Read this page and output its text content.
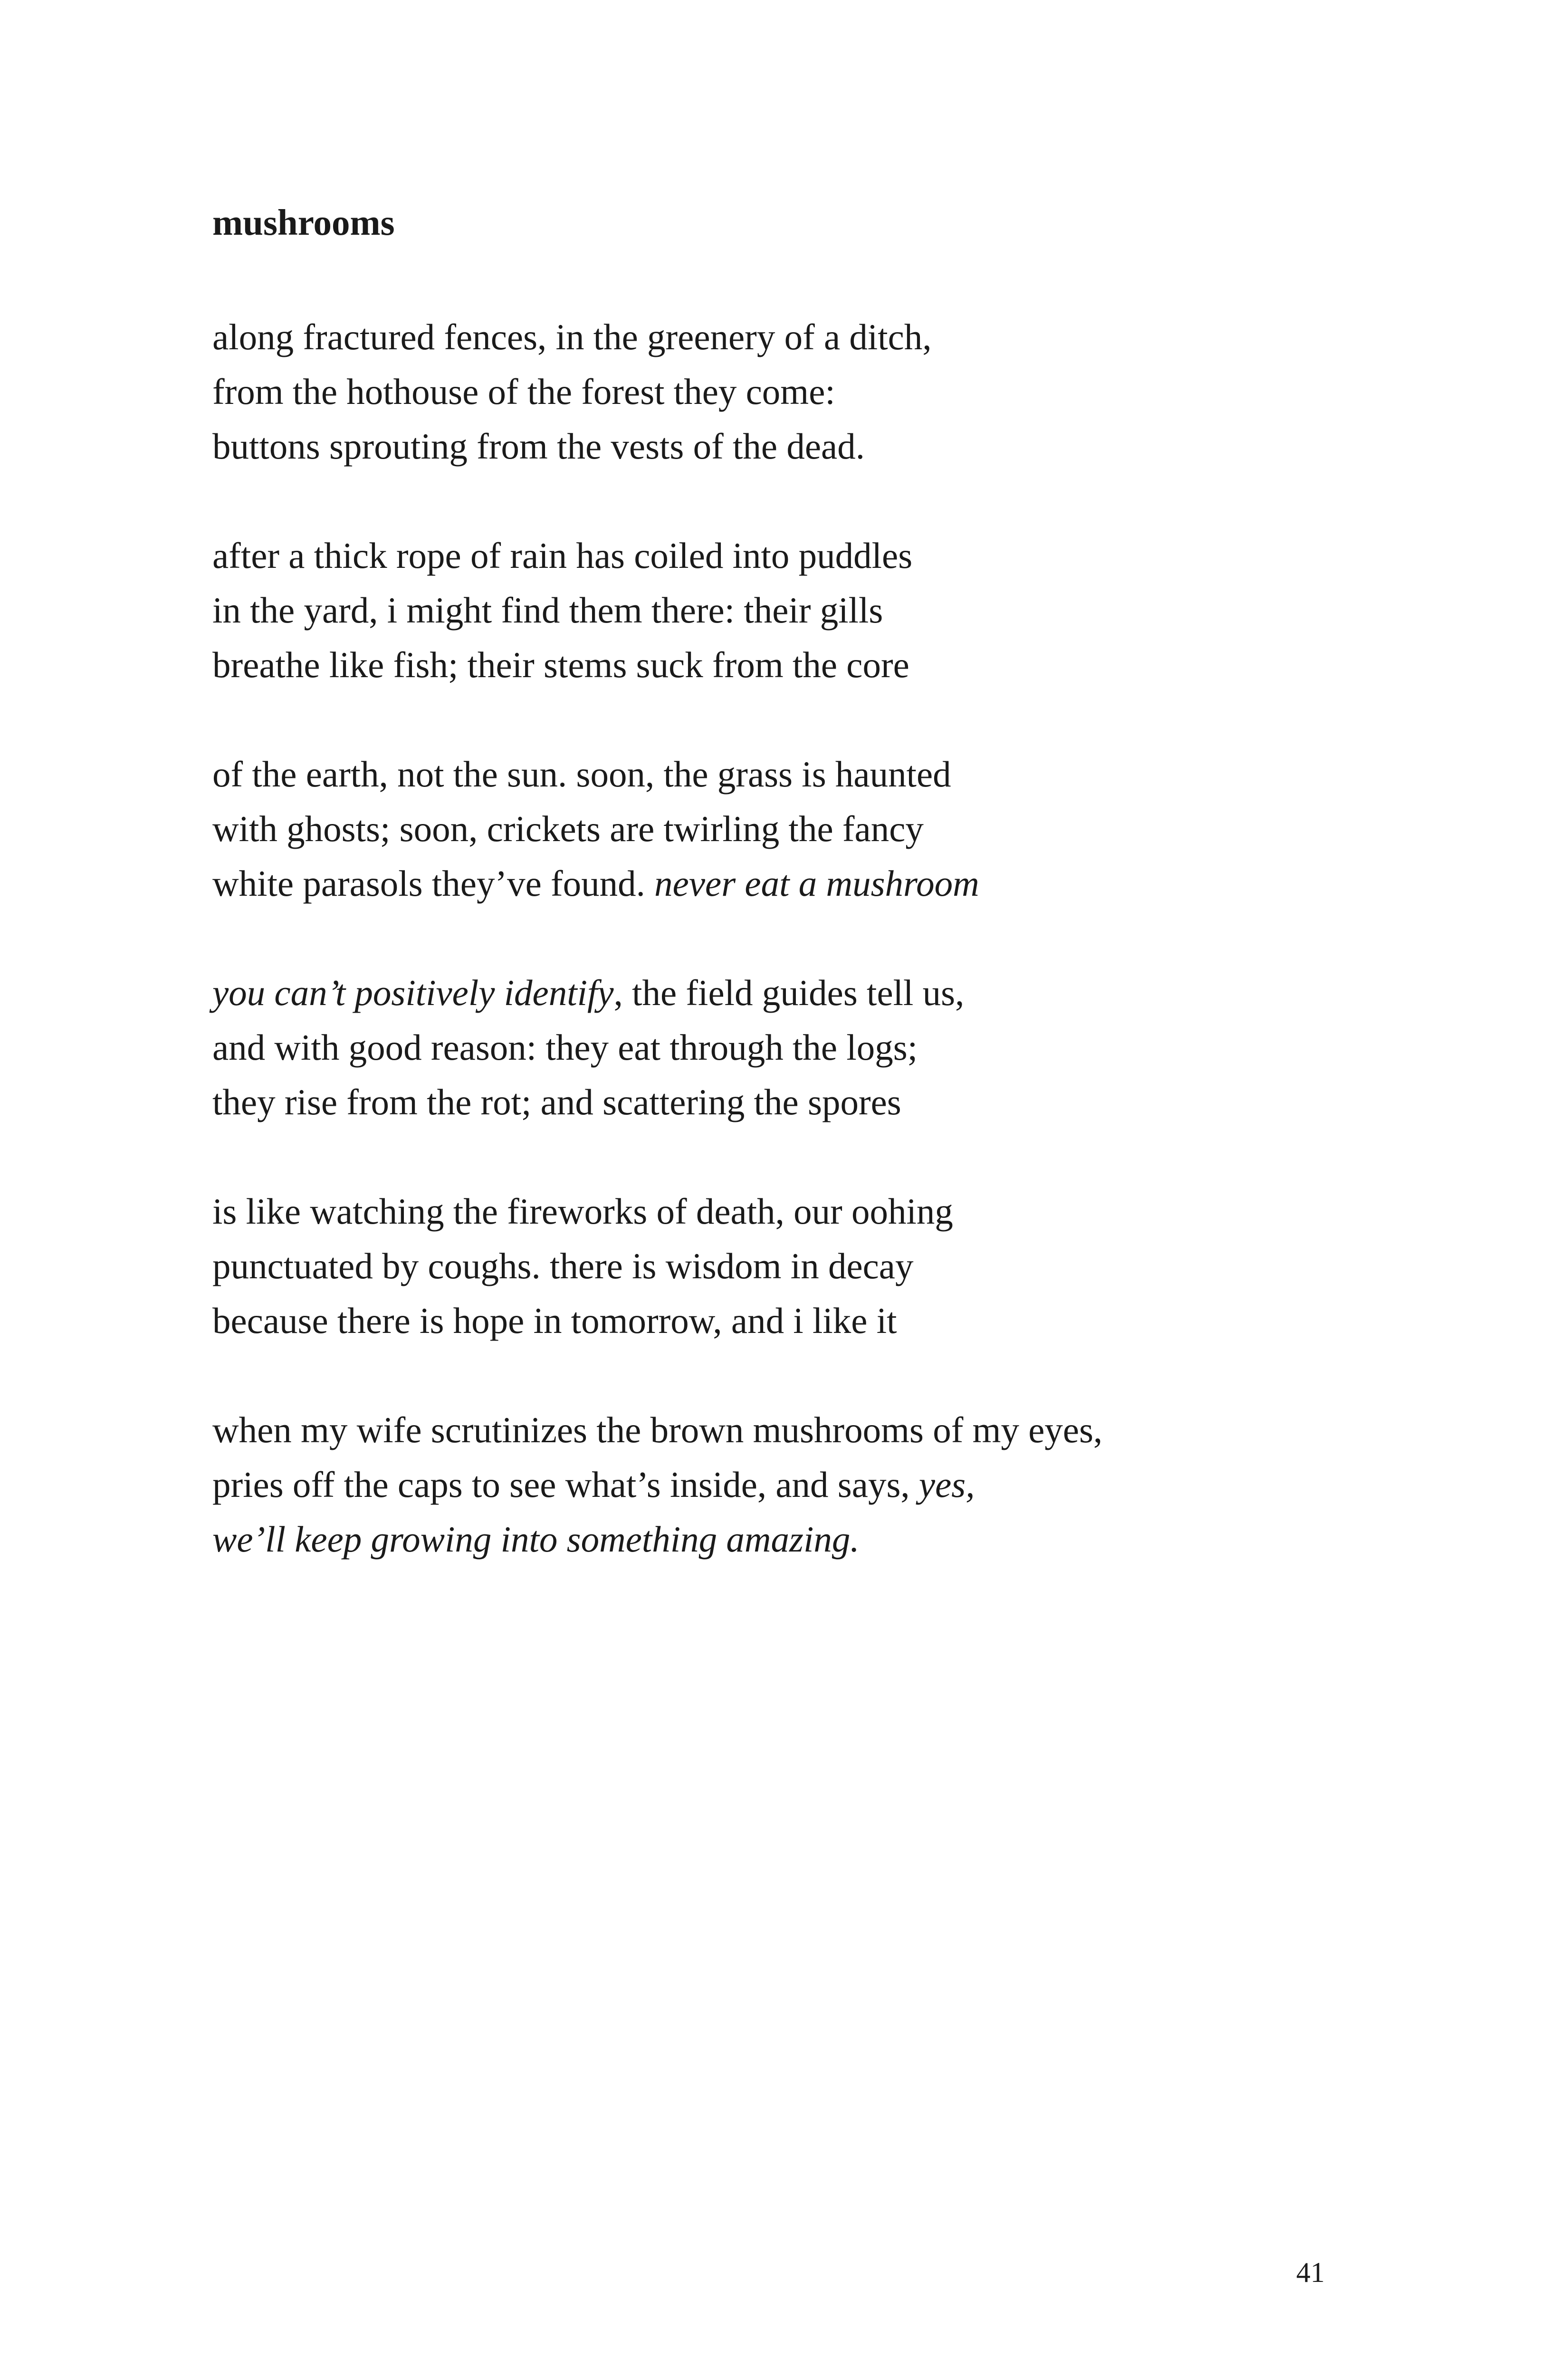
mushrooms

along fractured fences, in the greenery of a ditch,
from the hothouse of the forest they come:
buttons sprouting from the vests of the dead.

after a thick rope of rain has coiled into puddles
in the yard, i might find them there: their gills
breathe like fish; their stems suck from the core

of the earth, not the sun. soon, the grass is haunted
with ghosts; soon, crickets are twirling the fancy
white parasols they’ve found. never eat a mushroom

you can’t positively identify, the field guides tell us,
and with good reason: they eat through the logs;
they rise from the rot; and scattering the spores

is like watching the fireworks of death, our oohing
punctuated by coughs. there is wisdom in decay
because there is hope in tomorrow, and i like it

when my wife scrutinizes the brown mushrooms of my eyes,
pries off the caps to see what’s inside, and says, yes,
we’ll keep growing into something amazing.

41
